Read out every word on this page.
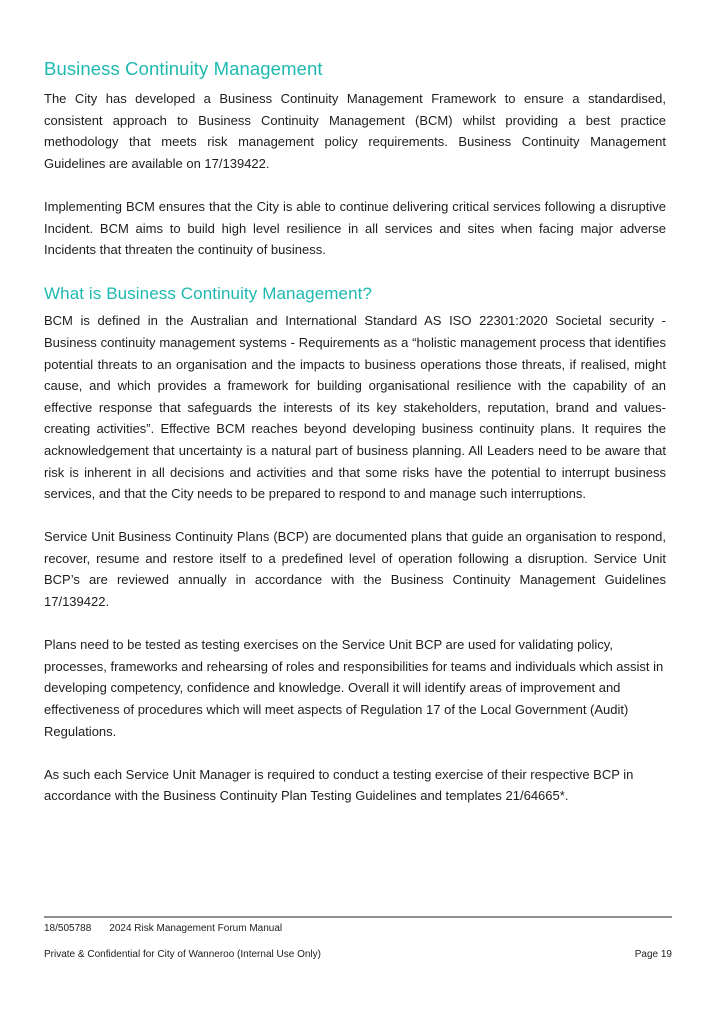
Business Continuity Management

The City has developed a Business Continuity Management Framework to ensure a standardised, consistent approach to Business Continuity Management (BCM) whilst providing a best practice methodology that meets risk management policy requirements. Business Continuity Management Guidelines are available on 17/139422.

Implementing BCM ensures that the City is able to continue delivering critical services following a disruptive Incident. BCM aims to build high level resilience in all services and sites when facing major adverse Incidents that threaten the continuity of business.

What is Business Continuity Management?

BCM is defined in the Australian and International Standard AS ISO 22301:2020 Societal security - Business continuity management systems - Requirements as a “holistic management process that identifies potential threats to an organisation and the impacts to business operations those threats, if realised, might cause, and which provides a framework for building organisational resilience with the capability of an effective response that safeguards the interests of its key stakeholders, reputation, brand and values-creating activities”. Effective BCM reaches beyond developing business continuity plans. It requires the acknowledgement that uncertainty is a natural part of business planning. All Leaders need to be aware that risk is inherent in all decisions and activities and that some risks have the potential to interrupt business services, and that the City needs to be prepared to respond to and manage such interruptions.

Service Unit Business Continuity Plans (BCP) are documented plans that guide an organisation to respond, recover, resume and restore itself to a predefined level of operation following a disruption. Service Unit BCP’s are reviewed annually in accordance with the Business Continuity Management Guidelines 17/139422.

Plans need to be tested as testing exercises on the Service Unit BCP are used for validating policy, processes, frameworks and rehearsing of roles and responsibilities for teams and individuals which assist in developing competency, confidence and knowledge. Overall it will identify areas of improvement and effectiveness of procedures which will meet aspects of Regulation 17 of the Local Government (Audit) Regulations.

As such each Service Unit Manager is required to conduct a testing exercise of their respective BCP in accordance with the Business Continuity Plan Testing Guidelines and templates 21/64665*.

18/505788 2024 Risk Management Forum Manual
Private & Confidential for City of Wanneroo (Internal Use Only)	Page 19
